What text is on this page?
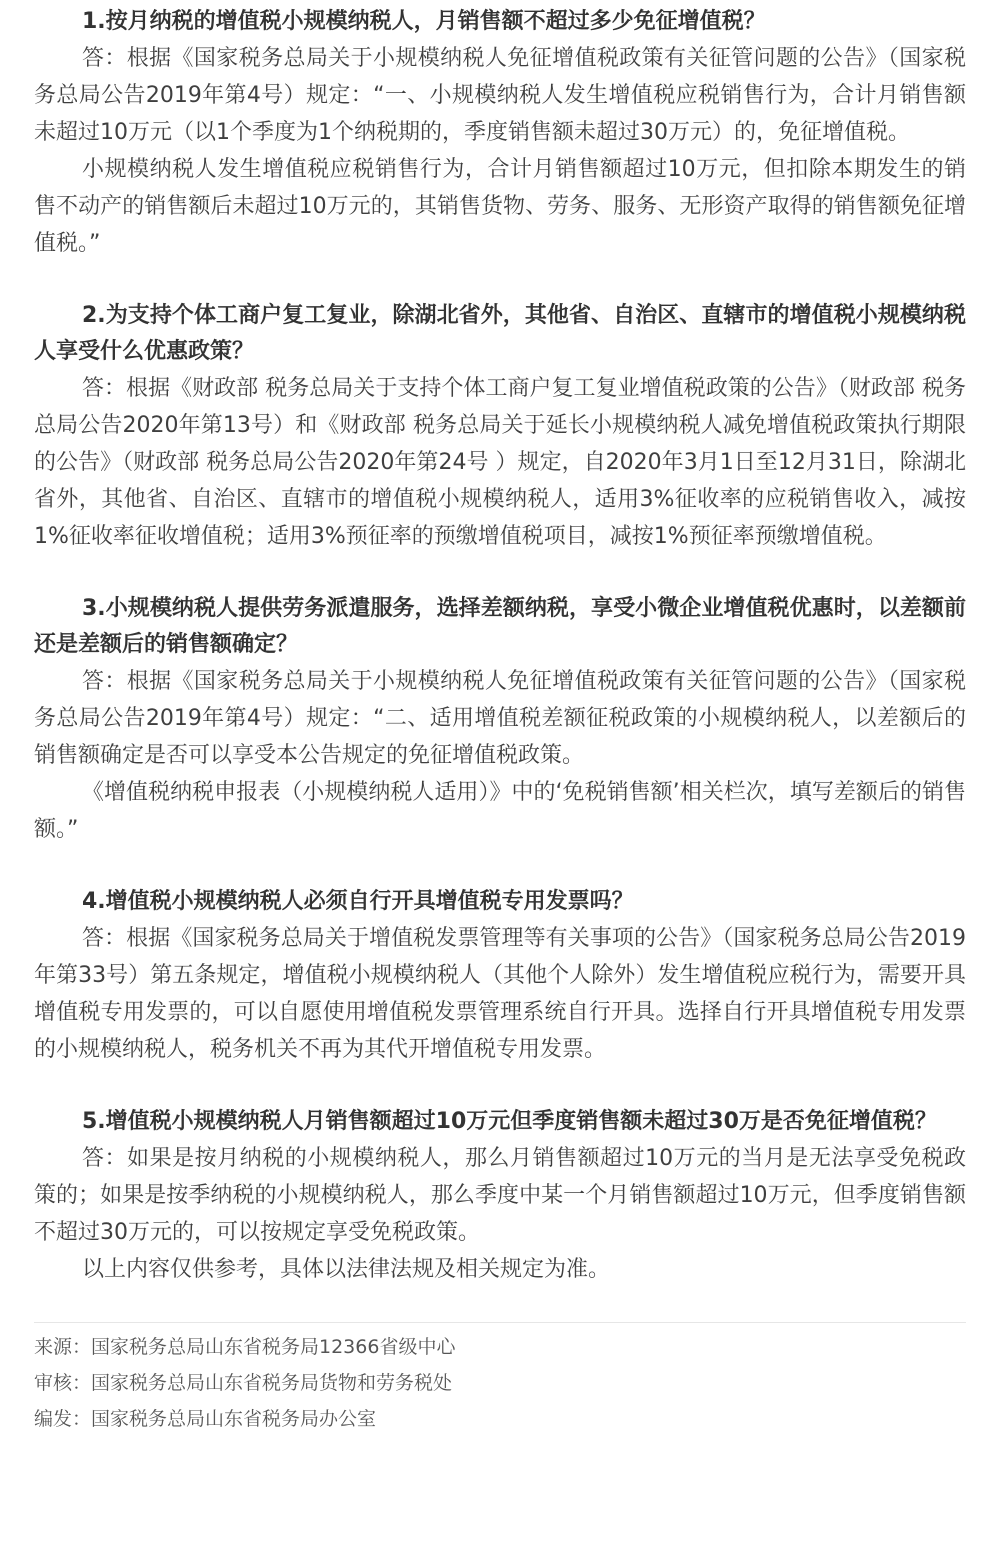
1.按月纳税的增值税小规模纳税人，月销售额不超过多少免征增值税？

答：根据《国家税务总局关于小规模纳税人免征增值税政策有关征管问题的公告》（国家税务总局公告2019年第4号）规定：“一、小规模纳税人发生增值税应税销售行为，合计月销售额未超过10万元（以1个季度为1个纳税期的，季度销售额未超过30万元）的，免征增值税。

小规模纳税人发生增值税应税销售行为，合计月销售额超过10万元，但扣除本期发生的销售不动产的销售额后未超过10万元的，其销售货物、劳务、服务、无形资产取得的销售额免征增值税。”

2.为支持个体工商户复工复业，除湖北省外，其他省、自治区、直辖市的增值税小规模纳税人享受什么优惠政策？

答：根据《财政部 税务总局关于支持个体工商户复工复业增值税政策的公告》（财政部 税务总局公告2020年第13号）和《财政部 税务总局关于延长小规模纳税人减免增值税政策执行期限的公告》（财政部 税务总局公告2020年第24号 ）规定，自2020年3月1日至12月31日，除湖北省外，其他省、自治区、直辖市的增值税小规模纳税人，适用3%征收率的应税销售收入，减按1%征收率征收增值税；适用3%预征率的预缴增值税项目，减按1%预征率预缴增值税。

3.小规模纳税人提供劳务派遣服务，选择差额纳税，享受小微企业增值税优惠时，以差额前还是差额后的销售额确定？

答：根据《国家税务总局关于小规模纳税人免征增值税政策有关征管问题的公告》（国家税务总局公告2019年第4号）规定：“二、适用增值税差额征税政策的小规模纳税人，以差额后的销售额确定是否可以享受本公告规定的免征增值税政策。

《增值税纳税申报表（小规模纳税人适用）》中的‘免税销售额’相关栏次，填写差额后的销售额。”

4.增值税小规模纳税人必须自行开具增值税专用发票吗？

答：根据《国家税务总局关于增值税发票管理等有关事项的公告》（国家税务总局公告2019年第33号）第五条规定，增值税小规模纳税人（其他个人除外）发生增值税应税行为，需要开具增值税专用发票的，可以自愿使用增值税发票管理系统自行开具。选择自行开具增值税专用发票的小规模纳税人，税务机关不再为其代开增值税专用发票。

5.增值税小规模纳税人月销售额超过10万元但季度销售额未超过30万是否免征增值税？

答：如果是按月纳税的小规模纳税人，那么月销售额超过10万元的当月是无法享受免税政策的；如果是按季纳税的小规模纳税人，那么季度中某一个月销售额超过10万元，但季度销售额不超过30万元的，可以按规定享受免税政策。

以上内容仅供参考，具体以法律法规及相关规定为准。

来源：国家税务总局山东省税务局12366省级中心

审核：国家税务总局山东省税务局货物和劳务税处

编发：国家税务总局山东省税务局办公室
